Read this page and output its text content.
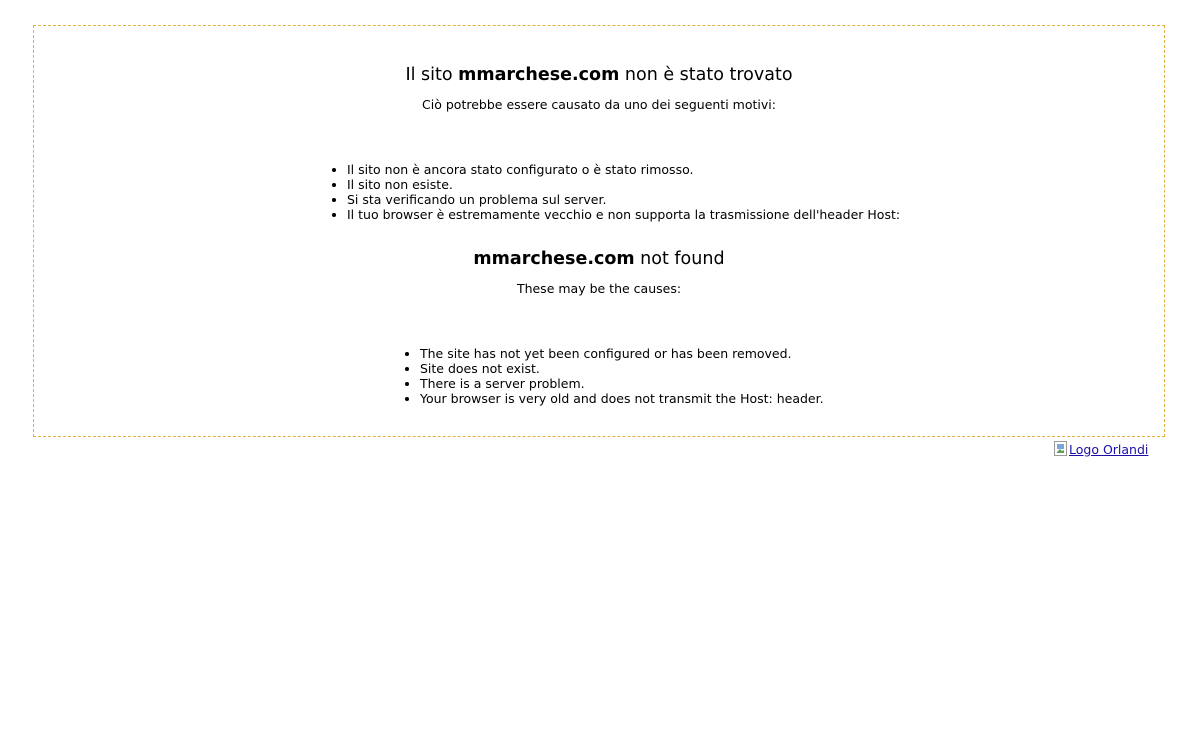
Il sito mmarchese.com non è stato trovato

Ciò potrebbe essere causato da uno dei seguenti motivi:

• Il sito non è ancora stato configurato o è stato rimosso.
• Il sito non esiste.
• Si sta verificando un problema sul server.
• Il tuo browser è estremamente vecchio e non supporta la trasmissione dell'header Host:
mmarchese.com not found

These may be the causes:

• The site has not yet been configured or has been removed.
• Site does not exist.
• There is a server problem.
• Your browser is very old and does not transmit the Host: header.
Logo Orlandi
